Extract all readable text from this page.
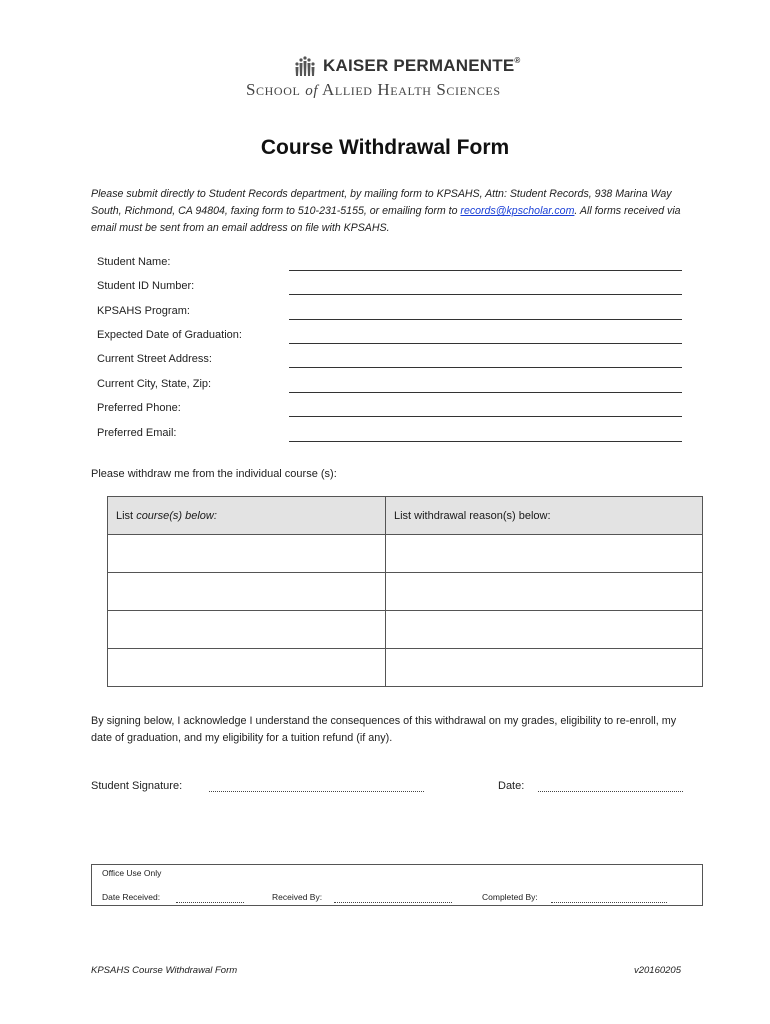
KAISER PERMANENTE®
School of Allied Health Sciences
Course Withdrawal Form
Please submit directly to Student Records department, by mailing form to KPSAHS, Attn: Student Records, 938 Marina Way South, Richmond, CA 94804, faxing form to 510-231-5155, or emailing form to records@kpscholar.com. All forms received via email must be sent from an email address on file with KPSAHS.
Student Name:
Student ID Number:
KPSAHS Program:
Expected Date of Graduation:
Current Street Address:
Current City, State, Zip:
Preferred Phone:
Preferred Email:
Please withdraw me from the individual course (s):
List course(s) below:	List withdrawal reason(s) below:

By signing below, I acknowledge I understand the consequences of this withdrawal on my grades, eligibility to re-enroll, my date of graduation, and my eligibility for a tuition refund (if any).
Student Signature:	Date:
Office Use Only
Date Received:	Received By:	Completed By:
KPSAHS Course Withdrawal Form	v20160205
